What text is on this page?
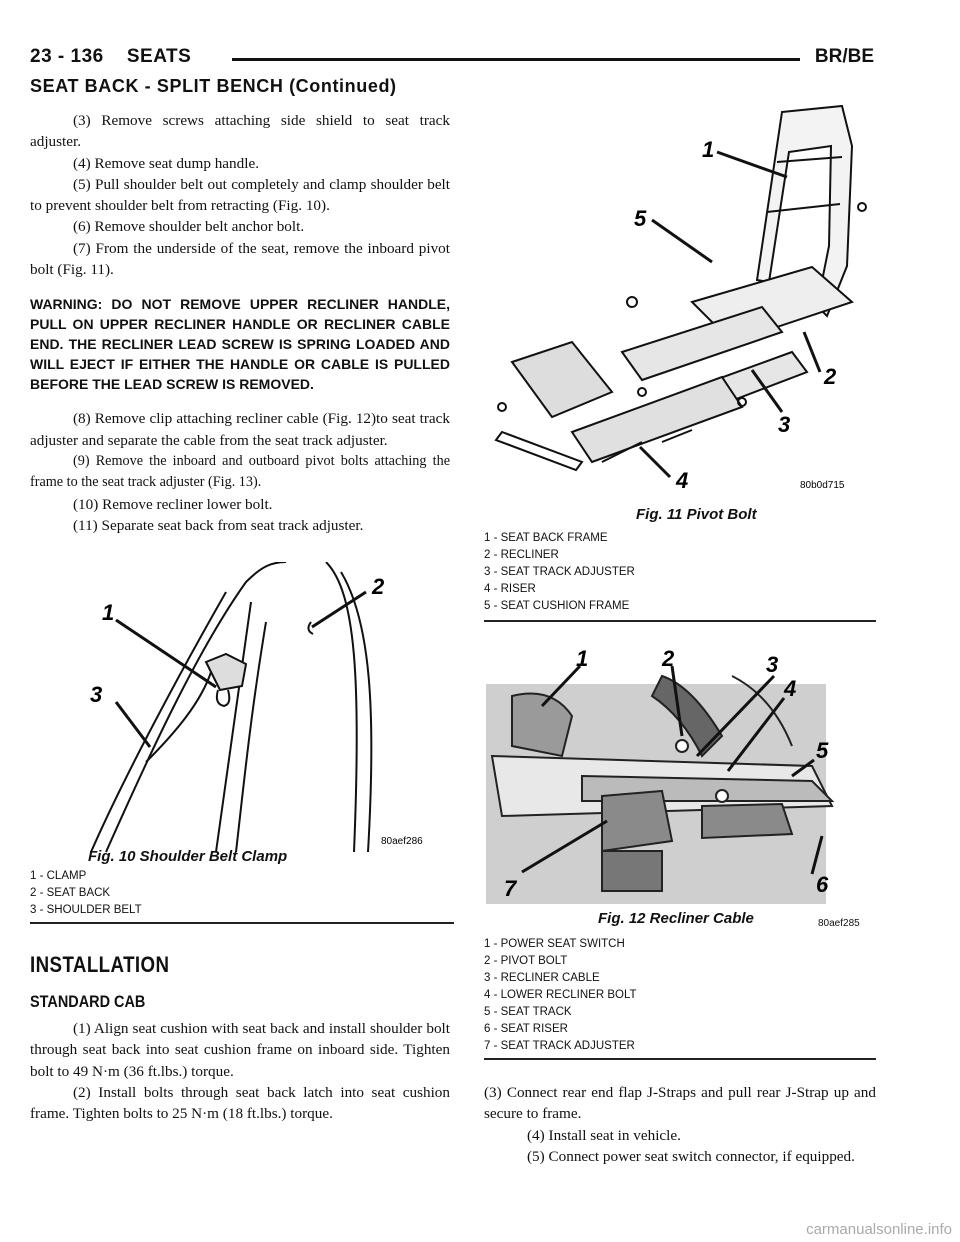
23 - 136 SEATS	BR/BE
SEAT BACK - SPLIT BENCH (Continued)

(3) Remove screws attaching side shield to seat track adjuster.

(4) Remove seat dump handle.

(5) Pull shoulder belt out completely and clamp shoulder belt to prevent shoulder belt from retracting (Fig. 10).

(6) Remove shoulder belt anchor bolt.

(7) From the underside of the seat, remove the inboard pivot bolt (Fig. 11).

WARNING: DO NOT REMOVE UPPER RECLINER HANDLE, PULL ON UPPER RECLINER HANDLE OR RECLINER CABLE END. THE RECLINER LEAD SCREW IS SPRING LOADED AND WILL EJECT IF EITHER THE HANDLE OR CABLE IS PULLED BEFORE THE LEAD SCREW IS REMOVED.

(8) Remove clip attaching recliner cable (Fig. 12)to seat track adjuster and separate the cable from the seat track adjuster.

(9) Remove the inboard and outboard pivot bolts attaching the frame to the seat track adjuster (Fig. 13).

(10) Remove recliner lower bolt.

(11) Separate seat back from seat track adjuster.

1
2
3
80aef286
Fig. 10 Shoulder Belt Clamp
1 - CLAMP
2 - SEAT BACK
3 - SHOULDER BELT

INSTALLATION

STANDARD CAB

(1) Align seat cushion with seat back and install shoulder bolt through seat back into seat cushion frame on inboard side. Tighten bolt to 49 N·m (36 ft.lbs.) torque.

(2) Install bolts through seat back latch into seat cushion frame. Tighten bolts to 25 N·m (18 ft.lbs.) torque.

1
2
3
4
5
80b0d715
Fig. 11 Pivot Bolt
1 - SEAT BACK FRAME
2 - RECLINER
3 - SEAT TRACK ADJUSTER
4 - RISER
5 - SEAT CUSHION FRAME
1	2	3
4
5
6
7
Fig. 12 Recliner Cable	80aef285
1 - POWER SEAT SWITCH
2 - PIVOT BOLT
3 - RECLINER CABLE
4 - LOWER RECLINER BOLT
5 - SEAT TRACK
6 - SEAT RISER
7 - SEAT TRACK ADJUSTER

(3) Connect rear end flap J-Straps and pull rear J-Strap up and secure to frame.

(4) Install seat in vehicle.

(5) Connect power seat switch connector, if equipped.

carmanualsonline.info
